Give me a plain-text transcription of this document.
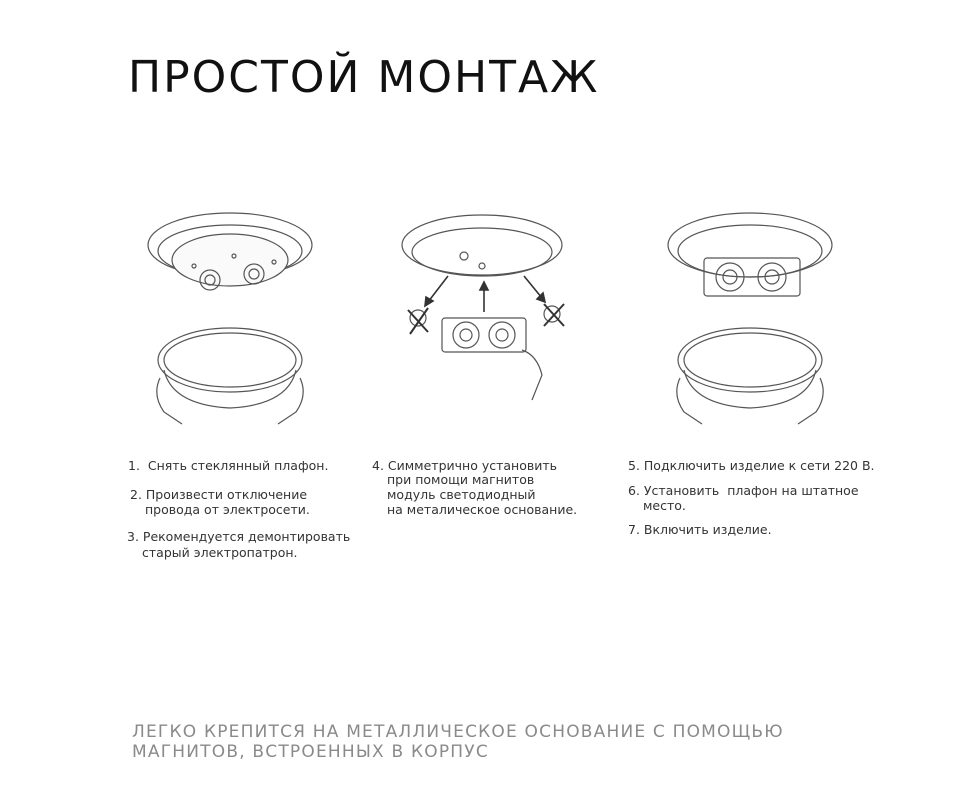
ПРОСТОЙ МОНТАЖ
1.  Снять стеклянный плафон.
2. Произвести отключение
провода от электросети.
3. Рекомендуется демонтировать
старый электропатрон.
4. Симметрично установить
при помощи магнитов
модуль светодиодный
на металическое основание.
5. Подключить изделие к сети 220 В.
6. Установить  плафон на штатное
место.
7. Включить изделие.
ЛЕГКО КРЕПИТСЯ НА МЕТАЛЛИЧЕСКОЕ ОСНОВАНИЕ С ПОМОЩЬЮ
МАГНИТОВ, ВСТРОЕННЫХ В КОРПУС
